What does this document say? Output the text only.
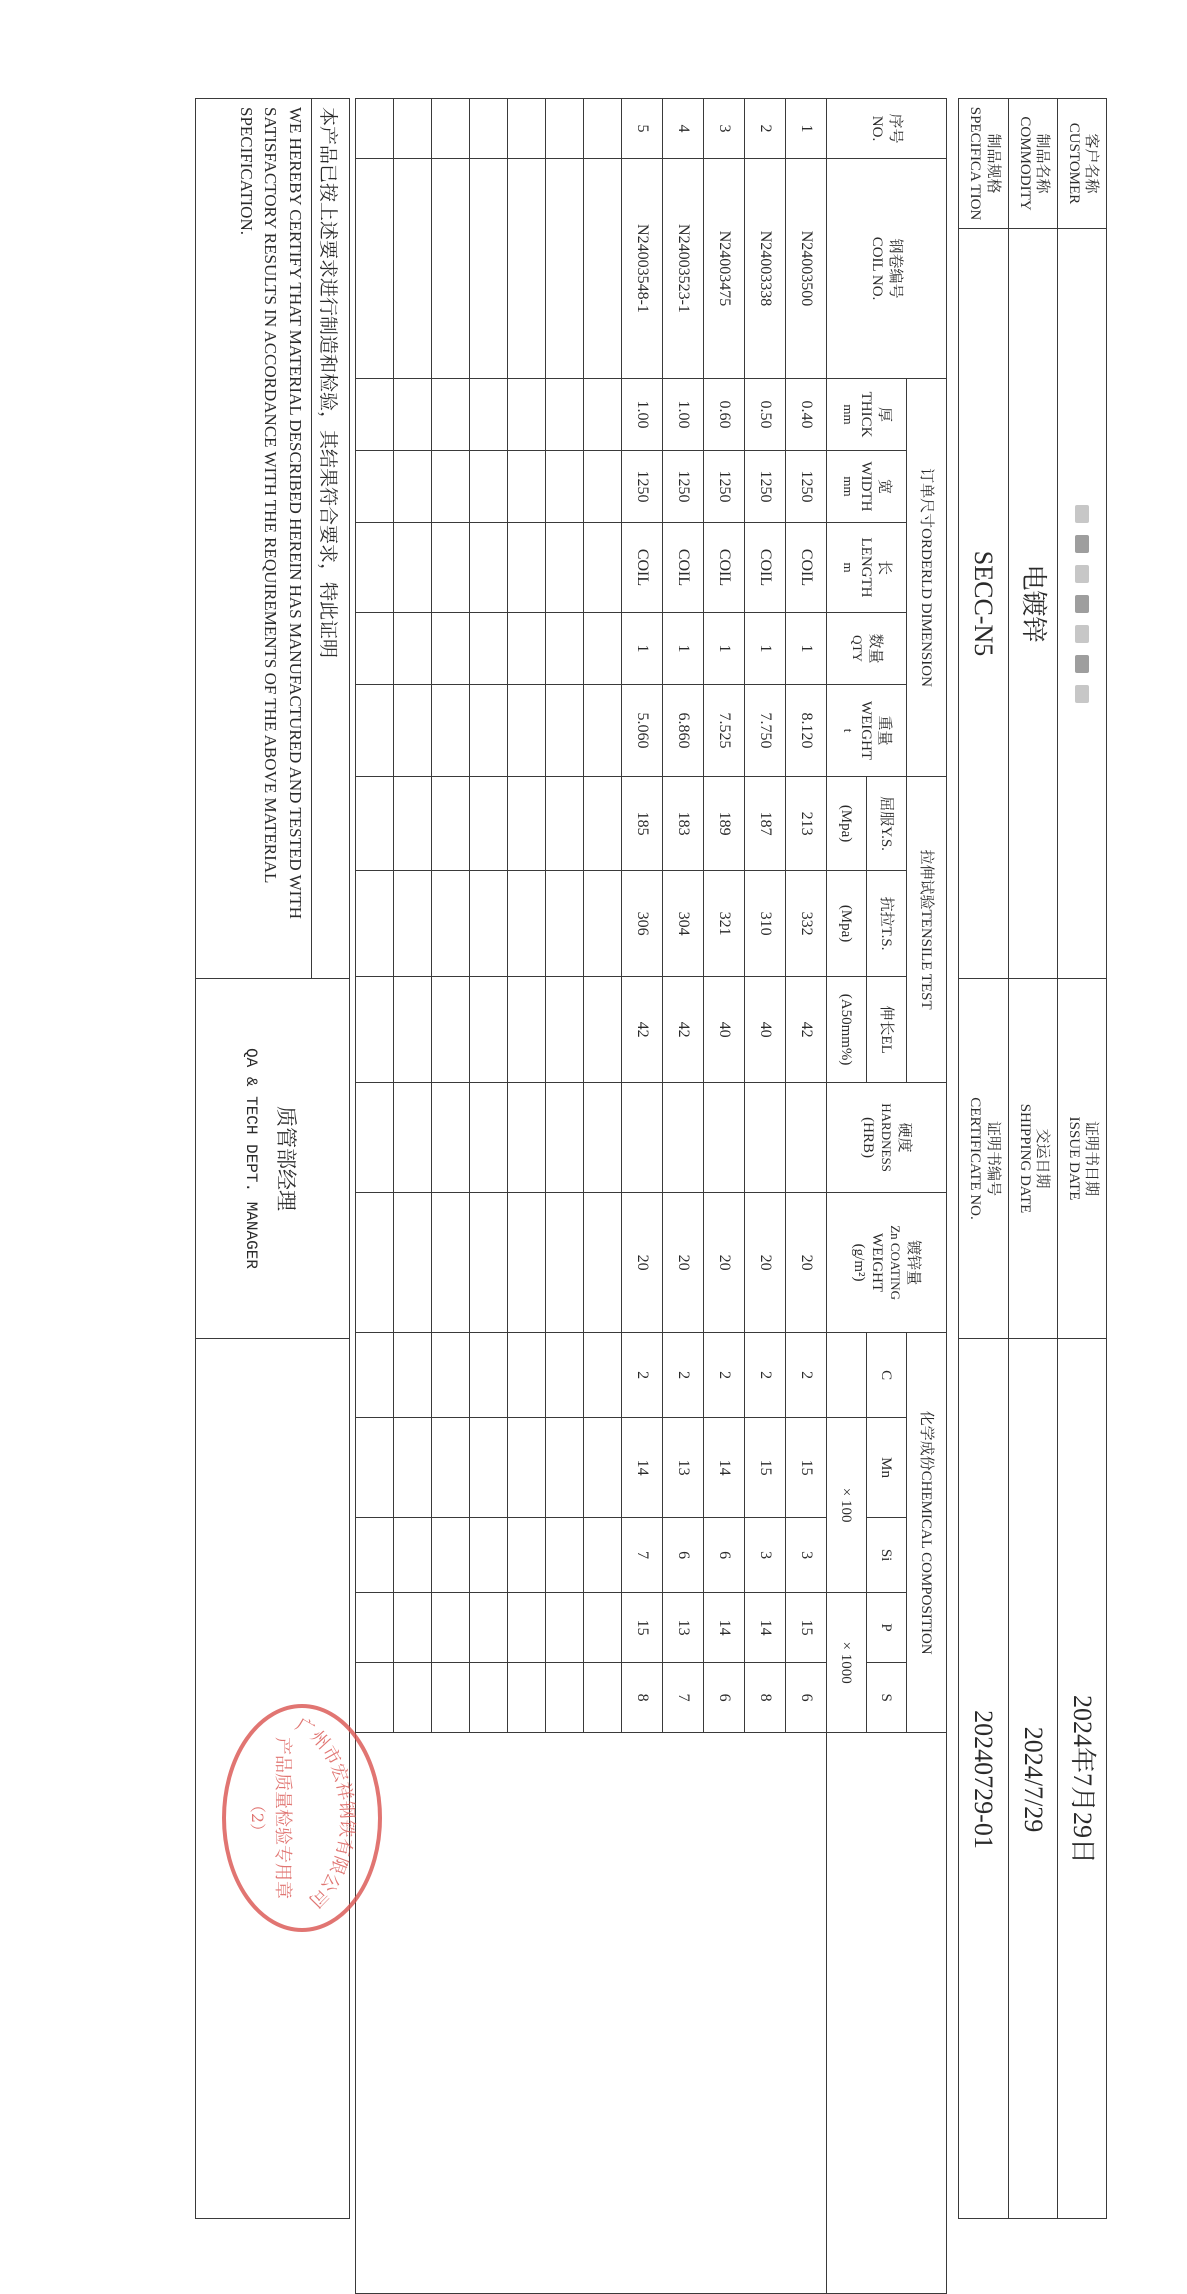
客户名称
CUSTOMER
证明书日期
ISSUE DATE
2024年7月29日
制品名称
COMMODITY
电镀锌
交运日期
SHIPPING DATE
2024/7/29
制品规格
SPECIFICA TION
SECC-N5
证明书编号
CERTIFICATE NO.
20240729-01
序号
NO.	钢卷编号
COIL NO.	订单尺寸ORDERLD DIMENSION					拉伸试验TENSILE TEST			硬度
HARDNESS
(HRB)	镀锌量
Zn COATING
WEIGHT
(g/m²)	化学成份CHEMICAL COMPOSITION					
		厚
THICK
mm	宽
WIDTH
mm	长
LENGTH
m	数量
QTY	重量
WEIGHT
t	屈服Y.S.	抗拉T.S.	伸长EL			C	Mn	Si	P	S	
							(Mpa)	(Mpa)	(A50mm%)				× 100		× 1000		
1	N24003500	0.40	1250	COIL	1	8.120	213	332	42		20	2	15	3	15	6	
2	N24003338	0.50	1250	COIL	1	7.750	187	310	40		20	2	15	3	14	8	
3	N24003475	0.60	1250	COIL	1	7.525	189	321	40		20	2	14	6	14	6	
4	N24003523-1	1.00	1250	COIL	1	6.860	183	304	42		20	2	13	6	13	7	
5	N24003548-1	1.00	1250	COIL	1	5.060	185	306	42		20	2	14	7	15	8	

本产品已按上述要求进行制造和检验，其结果符合要求，特此证明
WE HEREBY CERTIFY THAT MATERIAL DESCRIBED HEREIN HAS MANUFACTURED AND TESTED WITH SATISFACTORY RESULTS IN ACCORDANCE WITH THE REQUIREMENTS OF THE ABOVE MATERIAL SPECIFICATION.
质管部经理
QA & TECH DEPT. MANAGER
广州市宏祥钢铁有限公司
产品质量检验专用章
（2）
